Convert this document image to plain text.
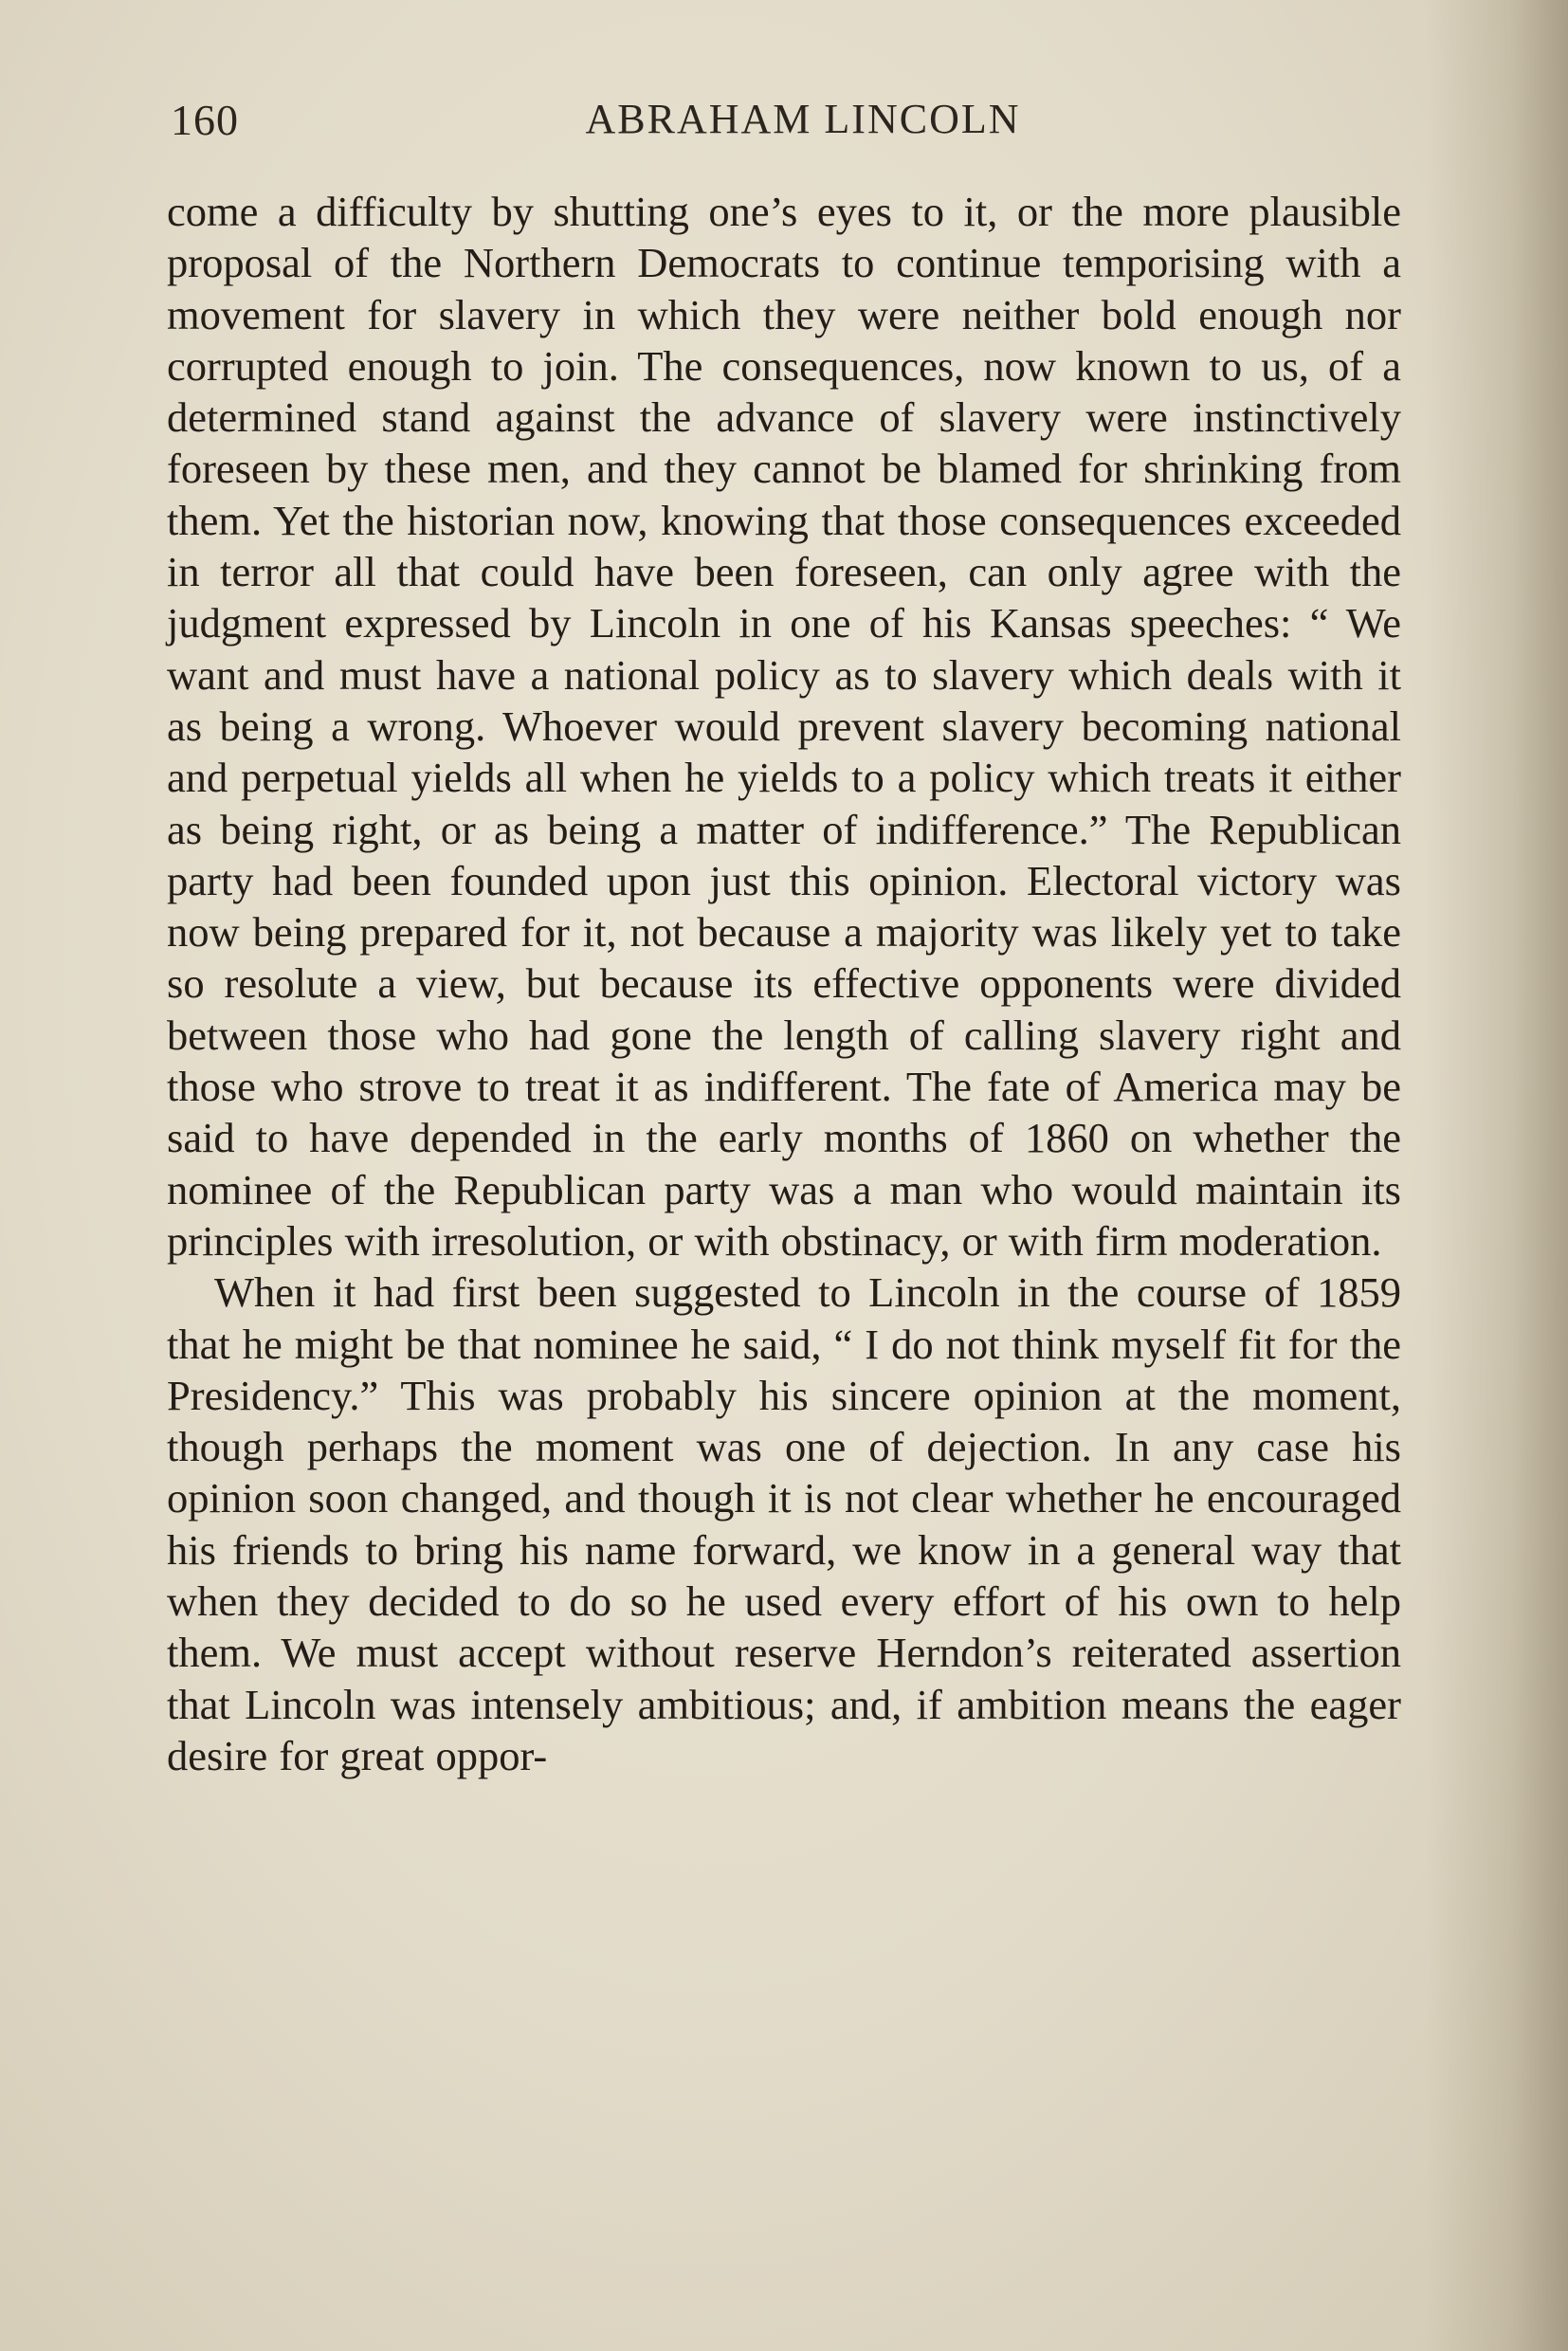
160	ABRAHAM LINCOLN

come a difficulty by shutting one’s eyes to it, or the more plausible proposal of the Northern Democrats to continue temporising with a movement for slavery in which they were neither bold enough nor corrupted enough to join. The consequences, now known to us, of a determined stand against the advance of slavery were instinctively foreseen by these men, and they cannot be blamed for shrinking from them. Yet the historian now, knowing that those consequences exceeded in terror all that could have been foreseen, can only agree with the judgment expressed by Lincoln in one of his Kansas speeches: “ We want and must have a national policy as to slavery which deals with it as being a wrong. Whoever would prevent slavery becoming national and perpetual yields all when he yields to a policy which treats it either as being right, or as being a matter of indifference.” The Republican party had been founded upon just this opinion. Electoral victory was now being prepared for it, not because a majority was likely yet to take so resolute a view, but because its effective opponents were divided between those who had gone the length of calling slavery right and those who strove to treat it as indifferent. The fate of America may be said to have depended in the early months of 1860 on whether the nominee of the Republican party was a man who would maintain its principles with irresolution, or with obstinacy, or with firm moderation.

When it had first been suggested to Lincoln in the course of 1859 that he might be that nominee he said, “ I do not think myself fit for the Presidency.” This was probably his sincere opinion at the moment, though perhaps the moment was one of dejection. In any case his opinion soon changed, and though it is not clear whether he encouraged his friends to bring his name forward, we know in a general way that when they decided to do so he used every effort of his own to help them. We must accept without reserve Herndon’s reiterated assertion that Lincoln was intensely ambitious; and, if ambition means the eager desire for great oppor-
